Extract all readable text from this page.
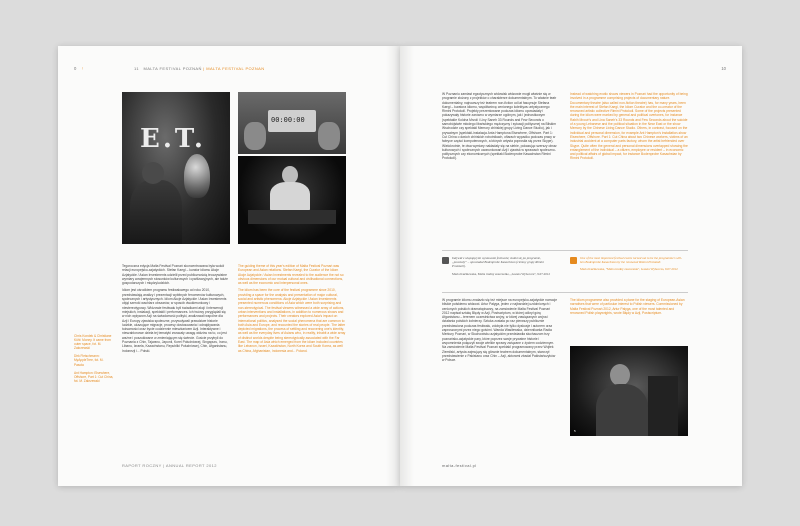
0 |	11 MALTA FESTIVAL POZNAŃ | MALTA FESTIVAL POZNAN
E.T.
00:00:00

Chris Kondek & Christiane Kühl: Money. It came from outer space, fot. M. Zakrzewski

Dirk Fleischmann: MyAppleTree, fot. M. Pasoła

Ant Hampton: Elsewhere, Offshore, Part 1: Cut China, fot. M. Zakrzewski

Tegoroczna edycja Malta Festival Poznań skoncentrowana była wokół relacji europejsko-azjatyckich. Stefan Kaegi – kurator idiomu Akcje Azjatyckie / Asian Investments udzielił przed publicznością teoczywistne wymiary wzajemnych stosunków kulturowych i cywilizacyjnych, ale także gospodarczych i międzyludzkich.

Idiom jest ośrodkiem programu festiwalowego od roku 2010, przedstawiają analizy i prezentacji wybitnych fenomenów kulturowych, społecznych i artystycznych. Idiom Akcje Azjatyckie / Asian Investments objął szeroki wachlarz obszarów, w sposób dwukierunkowy i niestereotypowy. Widzowie festiwalu byli świadkami akcji i interwencji miejskich, instalacji, spektakli i performances. Ich twórcy przyglądali się w nich wpływom Azji na świadomość polityki, analizowali wspólne dla Azji i Europy zjawiska społeczne, przywoływali prawdziwe historie ludzkie, ukazujące migracje, procesy dostosowania i odnajdywania tożsamości oraz bycie codziennie mieszkańcem Azji. Interaktywne i nieszablonowe dzieła tej tematyki zwracały uwagę widzów na to, co jest ważne i poszukiwane w zmieniającym się świecie. Goście przybyli do Poznania z Chin, Tajwanu, Japonii, Korei Południowej, Singapuru, Iranu, Libanu, Izraela, Kazachstanu, Republiki Południowej, Chin, Afganistanu, Indonezji i... Polski.

The guiding theme of this year's edition of Malta Festival Poznań was European and Asian relations. Stefan Kaegi, the Curator of the Idiom Akcje Azjatyckie / Asian Investments revealed to the audience the not so obvious dimensions of our mutual cultural and civilisational connections, as well as the economic and interpersonal ones.

The idiom has been the core of the festival programme since 2010, providing a space for the analysis and presentation of major cultural, social and artistic phenomena. Akcje Azjatyckie / Asian Investments presented numerous conditions of Asia which were both surprising and non-stereotypical. The festival viewers witnessed a wide array of actions, urban interventions and installations, in addition to numerous shows and performances and projects. Their creators explored Asia's impact on international politics, analysed the social phenomena that are common to both Asia and Europe, and recounted the stories of real people. The latter depicted migrations, the process of settling and recovering one's identity, as well as the everyday lives of Asians who, in reality, inhabit a wide array of distinct worlds despite being stereotypically associated with the Far East. The map of Asia which emerged from the idiom included countries like Lebanon, Israel, Kazakhstan, North Korea and South Korea, as well as China, Afghanistan, Indonesia and... Poland.

RAPORT ROCZNY | ANNUAL REPORT 2012
10

W Poznaniu zamiast egzotycznych widowisk widzowie mogli właśnie się w programie złożony z projektów o charakterze dokumentalnym. To właśnie teatr dokumentalny, najnowszy też teatrem non-fiction od lat fascynuje Stefana Kaegi – kuratora idiomu, współtwórcę cenionego kolektywu artystycznego Rimini Protokoll. Projekty prezentowane podczas idiomu opowiadały i pokazywały historie zarówno w wymiarze ogólnym, jak i jednostkowym (spektakle Koloha Mrzoli i Liny Saneh 33 Rounds and Few Seconds o samobójstwie młodego libańskiego mężczyzny i sytuacji politycznej na Bliskim Wschodzie czy spektakl Memory chińskiej grupy Living Dance Studio), jak i prywatnym (spektakl-instalacja Anta Hamptona Elsewhere, Offshore. Part 1: Cut China o dwóch chińskich robotnikach, ofiarach wypadku podczas pracy w fabryce części komputerowych, a których artysta poprosiła się przez Skype). Wielokrotnie, te dwa wymiary nakładały się na siebie, pokazując szerszy obraz kulturowych i społecznych uwarunkowań Azji i zjawisk w sprawach społeczno-politycznych czy ekonomicznych (spektakl Bodenprobe Kasachstan Rimini Protokoll).

Instead of watching exotic shows viewers in Poznań had the opportunity of being involved in a programme comprising projects of documentary nature. Documentary theatre (also called non-fiction theatre) has, for many years, been the main interest of Stefan Kaegi, the Idiom Curator and the co-creator of the renowned artistic collective Rimini Protokoll. Some of the projects presented during the idiom were marked by general and political overtones, for instance Rabih Mroué's and Lina Saneh's 33 Rounds and Few Seconds about the suicide of a young Lebanese and the political situation in the Near East or the show Memory by the Chinese Living Dance Studio. Others, in contrast, focused on the individual and personal dimension, for example Ant Hampton's installation-show Elsewhere, Offshore. Part 1: Cut China about two Chinese workers, victims of an industrial accident at a computer parts factory, whom the artist befriended over Skype. Quite often the general and personal dimensions overlapped showing the entanglement of the individual – a citizen, employee or resident – in economic and political affairs of global impact, for instance Bodenprobe Kasachstan by Rimini Protokoll.

Indywid z wiązującymi wystawami festiwalu; skutki się po programie, „powstały” – opowiadał Bodenprobe Kasachstan (ciemny grupy Rimini Protokoll).
Maria Kuźniewska, Malta trudny zeszczenie, „Gazeta Wyborcza”, 9.07.2012
One of the most important festival events turned out to be the programme's will-ben Bodenprobe Kasachstan by the renowned Rimini Protokoll.
Maria Kuźniewska, "Malta trudny zaszczenie", Gazeta Wyborcza, 9.07.2012

W programie idiomu znalazło się też miejsce na europejsko-azjatyckie narracje bliskie polskiemu widzowi. Artur Pałyga, jeden z najbardziej uzdolnionych i cenionych polskich dramatopisarzy, na zamówienie Malta Festival Poznań 2012 napisał sztukę Błędy w Azji, Postscriptum, w której odkrył górę Afganistanu – terenem uczestnictwa wojny, w której zawiązanych wojna i działania polskich żołnierzy. Sztuka została po raz pierwszy publicznie przedstawiona podczas festiwalu, zdobyła nie tylko dyskusje i autorem oraz zaproszonymi przez niego gośćmi. Wanda Wasilewska, dziennikarka Radia Merkury Poznań, w Słuchowisku azjatyckim przedstawiła słuchaczom trzy poznańsko-azjatyckie pary, które poprzez swoje prywatne historie i wspomnienia połączyli swoje wielkie sprawy związane z życiem codziennym. Na zamówienie Malta Festival Poznań spektakl programowany przez Wojtek Ziemilski, artysta zajmujący się głównie teatrem dokumentalnym, stworzył przedstawienie z Pakistanu oraz Chin – Azji, aktorami zbadał Pakistańczyków w Polsce.

The idiom programme also provided a plane for the staging of European-Asian narratives that were of particular interest to Polish viewers. Commissioned by Malta Festival Poznań 2012, Artur Pałyga, one of the most talented and renowned Polish playwrights, wrote Błędy w Azji, Postscriptum.

5
malta-festival.pl
